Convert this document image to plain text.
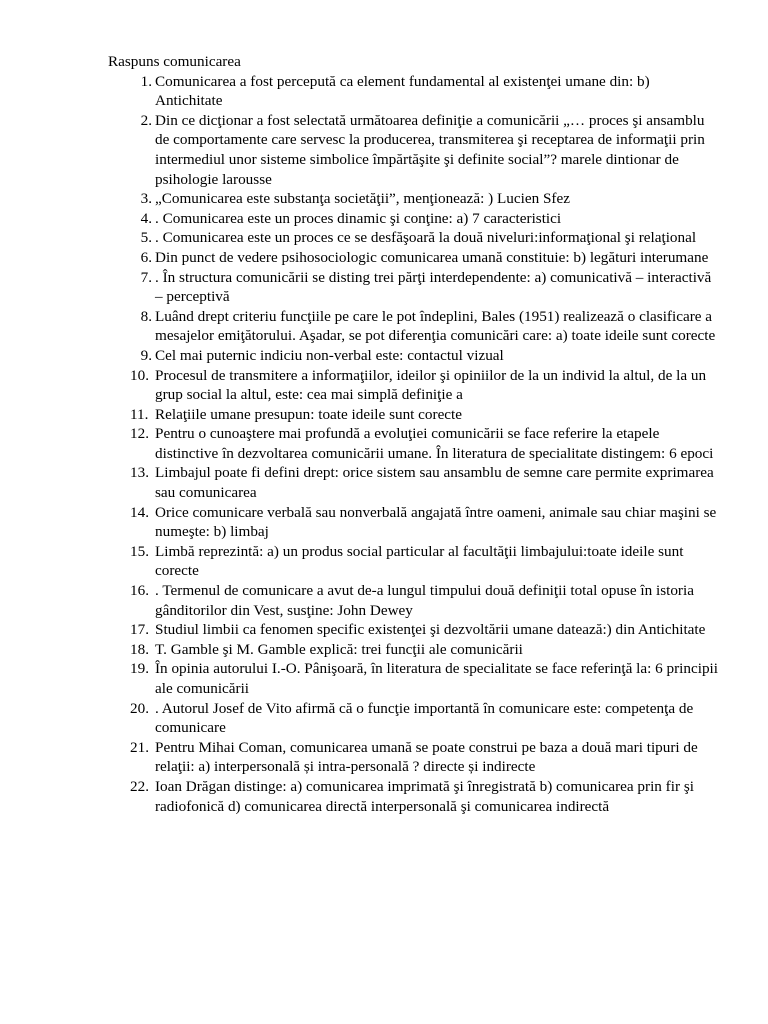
Raspuns comunicarea

1. Comunicarea a fost percepută ca element fundamental al existenţei umane din: b) Antichitate
2. Din ce dicţionar a fost selectată următoarea definiţie a comunicării „… proces şi ansamblu de comportamente care servesc la producerea, transmiterea şi receptarea de informaţii prin intermediul unor sisteme simbolice împărtăşite şi definite social”? marele dintionar de psihologie larousse
3. „Comunicarea este substanţa societăţii”, menţionează: ) Lucien Sfez
4. . Comunicarea este un proces dinamic şi conţine: a) 7 caracteristici
5. . Comunicarea este un proces ce se desfăşoară la două niveluri:informaţional şi relaţional
6. Din punct de vedere psihosociologic comunicarea umană constituie: b) legături interumane
7. . În structura comunicării se disting trei părţi interdependente: a) comunicativă – interactivă – perceptivă
8. Luând drept criteriu funcţiile pe care le pot îndeplini, Bales (1951) realizează o clasificare a mesajelor emiţătorului. Aşadar, se pot diferenţia comunicări care: a) toate ideile sunt corecte
9. Cel mai puternic indiciu non-verbal este: contactul vizual
10. Procesul de transmitere a informaţiilor, ideilor şi opiniilor de la un individ la altul, de la un grup social la altul, este: cea mai simplă definiţie a
11. Relaţiile umane presupun: toate ideile sunt corecte
12. Pentru o cunoaştere mai profundă a evoluţiei comunicării se face referire la etapele distinctive în dezvoltarea comunicării umane. În literatura de specialitate distingem: 6 epoci
13. Limbajul poate fi defini drept: orice sistem sau ansamblu de semne care permite exprimarea sau comunicarea
14. Orice comunicare verbală sau nonverbală angajată între oameni, animale sau chiar maşini se numeşte: b) limbaj
15. Limbă reprezintă: a) un produs social particular al facultăţii limbajului:toate ideile sunt corecte
16. . Termenul de comunicare a avut de-a lungul timpului două definiţii total opuse în istoria gânditorilor din Vest, susţine: John Dewey
17. Studiul limbii ca fenomen specific existenţei şi dezvoltării umane datează:) din Antichitate
18. T. Gamble şi M. Gamble explică: trei funcţii ale comunicării
19. În opinia autorului I.-O. Pânişoară, în literatura de specialitate se face referinţă la: 6 principii ale comunicării
20. . Autorul Josef de Vito afirmă că o funcţie importantă în comunicare este: competenţa de comunicare
21. Pentru Mihai Coman, comunicarea umană se poate construi pe baza a două mari tipuri de relaţii: a) interpersonală și intra-personală ? directe și indirecte
22. Ioan Drăgan distinge: a) comunicarea imprimată şi înregistrată b) comunicarea prin fir şi radiofonică d) comunicarea directă interpersonală şi comunicarea indirectă
